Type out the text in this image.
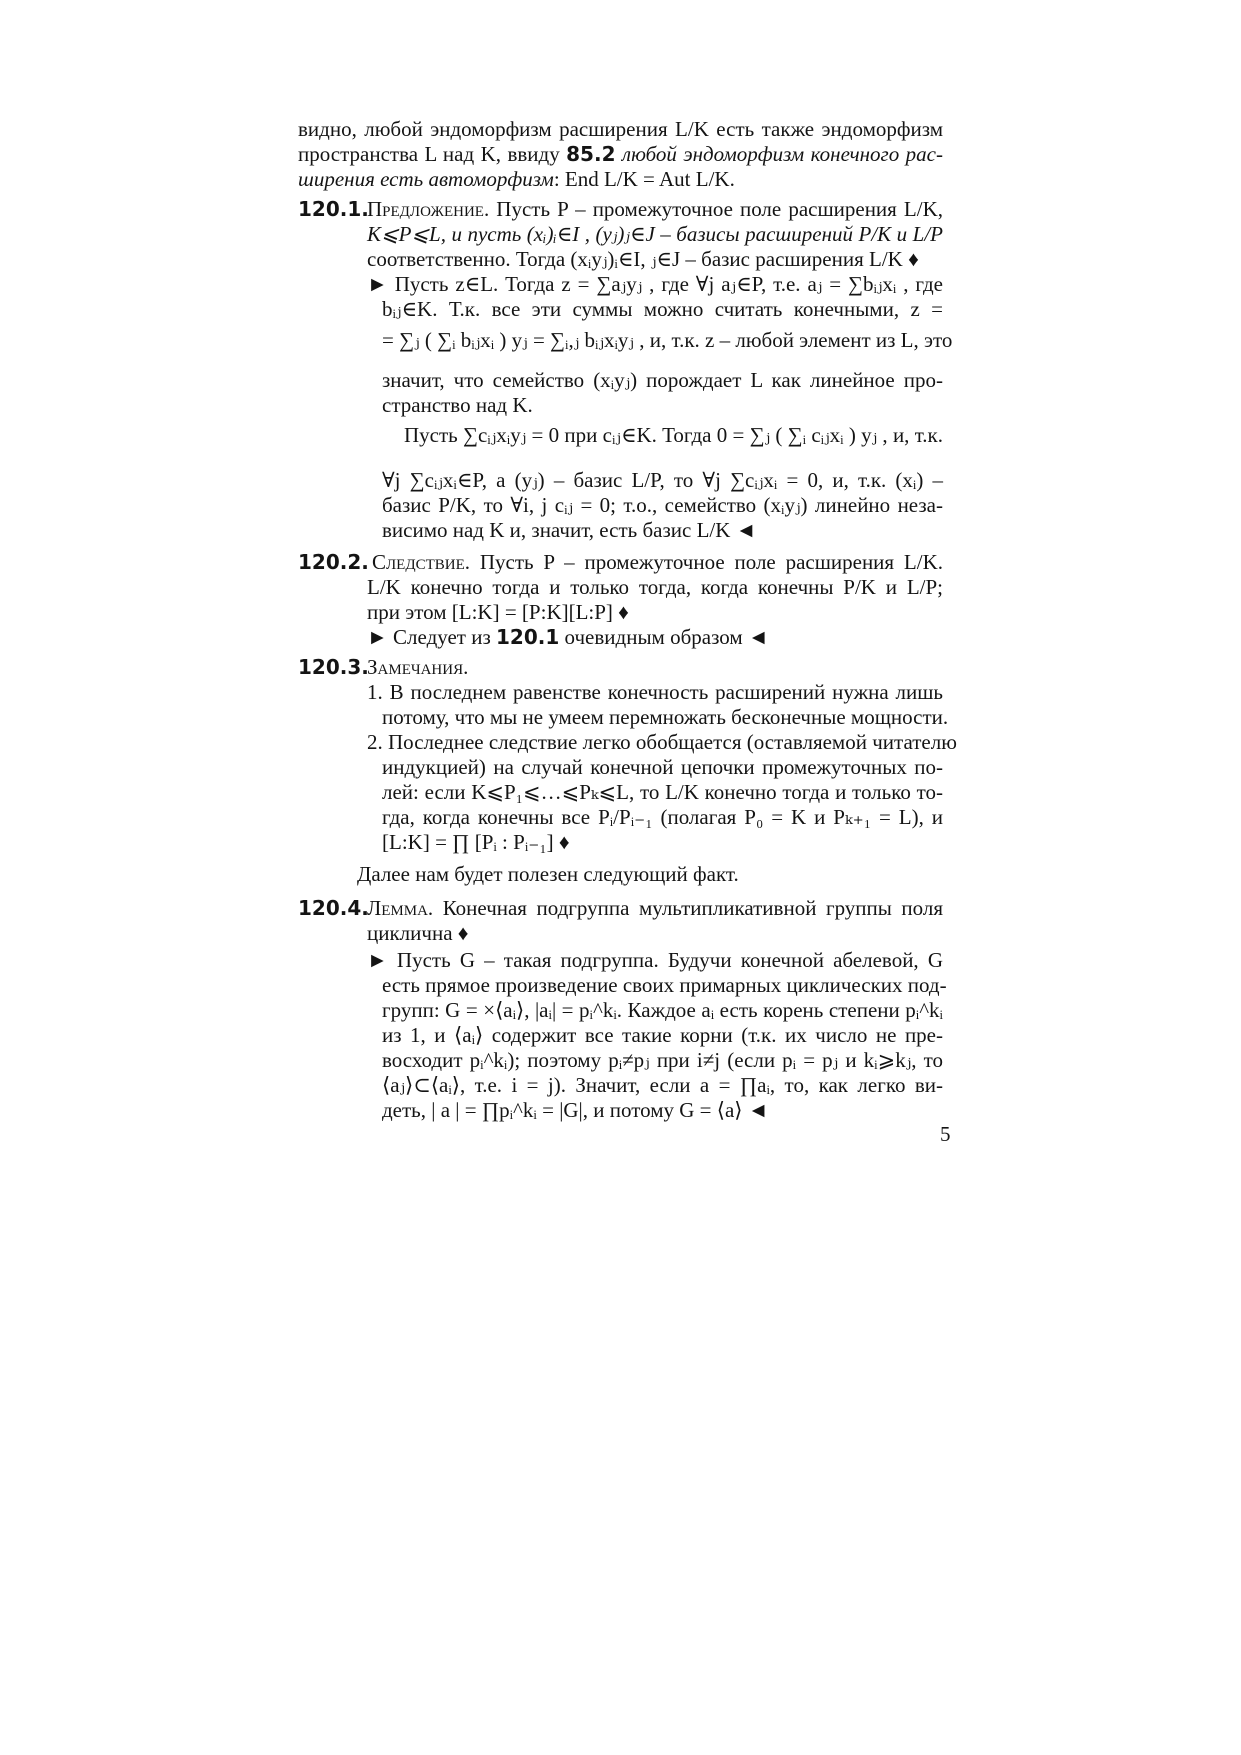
видно, любой эндоморфизм расширения L/K есть также эндоморфизм
пространства L над K, ввиду 85.2 любой эндоморфизм конечного рас-
ширения есть автоморфизм: End L/K = Aut L/K.
120.1.
Предложение. Пусть P – промежуточное поле расширения L/K,
K⩽P⩽L, и пусть (xᵢ)ᵢ∈I , (yⱼ)ⱼ∈J – базисы расширений P/K и L/P
соответственно. Тогда (xᵢyⱼ)ᵢ∈I, ⱼ∈J – базис расширения L/K ♦
► Пусть z∈L. Тогда z = ∑aⱼyⱼ , где ∀j aⱼ∈P, т.е. aⱼ = ∑bᵢⱼxᵢ , где
bᵢⱼ∈K. Т.к. все эти суммы можно считать конечными, z =
= ∑ⱼ ( ∑ᵢ bᵢⱼxᵢ ) yⱼ = ∑ᵢ,ⱼ bᵢⱼxᵢyⱼ , и, т.к. z – любой элемент из L, это
значит, что семейство (xᵢyⱼ) порождает L как линейное про-
странство над K.
Пусть ∑cᵢⱼxᵢyⱼ = 0 при cᵢⱼ∈K. Тогда 0 = ∑ⱼ ( ∑ᵢ cᵢⱼxᵢ ) yⱼ , и, т.к.
∀j ∑cᵢⱼxᵢ∈P, а (yⱼ) – базис L/P, то ∀j ∑cᵢⱼxᵢ = 0, и, т.к. (xᵢ) –
базис P/K, то ∀i, j cᵢⱼ = 0; т.о., семейство (xᵢyⱼ) линейно неза-
висимо над K и, значит, есть базис L/K ◄
120.2. Следствие. Пусть P – промежуточное поле расширения L/K.
L/K конечно тогда и только тогда, когда конечны P/K и L/P;
при этом [L:K] = [P:K][L:P] ♦
► Следует из 120.1 очевидным образом ◄
120.3.
Замечания.
1. В последнем равенстве конечность расширений нужна лишь
потому, что мы не умеем перемножать бесконечные мощности.
2. Последнее следствие легко обобщается (оставляемой читателю
индукцией) на случай конечной цепочки промежуточных по-
лей: если K⩽P₁⩽…⩽Pₖ⩽L, то L/K конечно тогда и только то-
гда, когда конечны все Pᵢ/Pᵢ₋₁ (полагая P₀ = K и Pₖ₊₁ = L), и
[L:K] = ∏ [Pᵢ : Pᵢ₋₁] ♦
Далее нам будет полезен следующий факт.
120.4.
Лемма. Конечная подгруппа мультипликативной группы поля
циклична ♦
► Пусть G – такая подгруппа. Будучи конечной абелевой, G
есть прямое произведение своих примарных циклических под-
групп: G = ×⟨aᵢ⟩, |aᵢ| = pᵢ^kᵢ. Каждое aᵢ есть корень степени pᵢ^kᵢ
из 1, и ⟨aᵢ⟩ содержит все такие корни (т.к. их число не пре-
восходит pᵢ^kᵢ); поэтому pᵢ≠pⱼ при i≠j (если pᵢ = pⱼ и kᵢ⩾kⱼ, то
⟨aⱼ⟩⊂⟨aᵢ⟩, т.е. i = j). Значит, если a = ∏aᵢ, то, как легко ви-
деть, | a | = ∏pᵢ^kᵢ = |G|, и потому G = ⟨a⟩ ◄
5
